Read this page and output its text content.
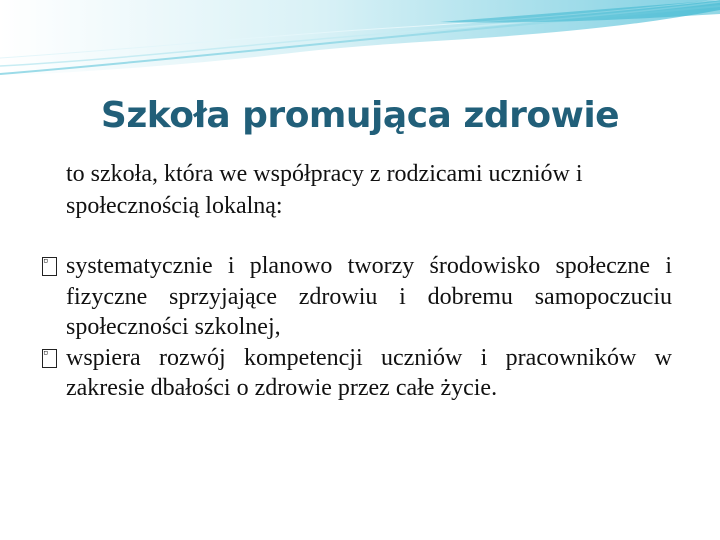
Szkoła promująca zdrowie
to szkoła, która we współpracy z rodzicami uczniów i społecznością lokalną:
▫ systematycznie i planowo tworzy środowisko społeczne i fizyczne sprzyjające zdrowiu i dobremu samopoczuciu społeczności szkolnej,
▫ wspiera rozwój kompetencji uczniów i pracowników w zakresie dbałości o zdrowie przez całe życie.
